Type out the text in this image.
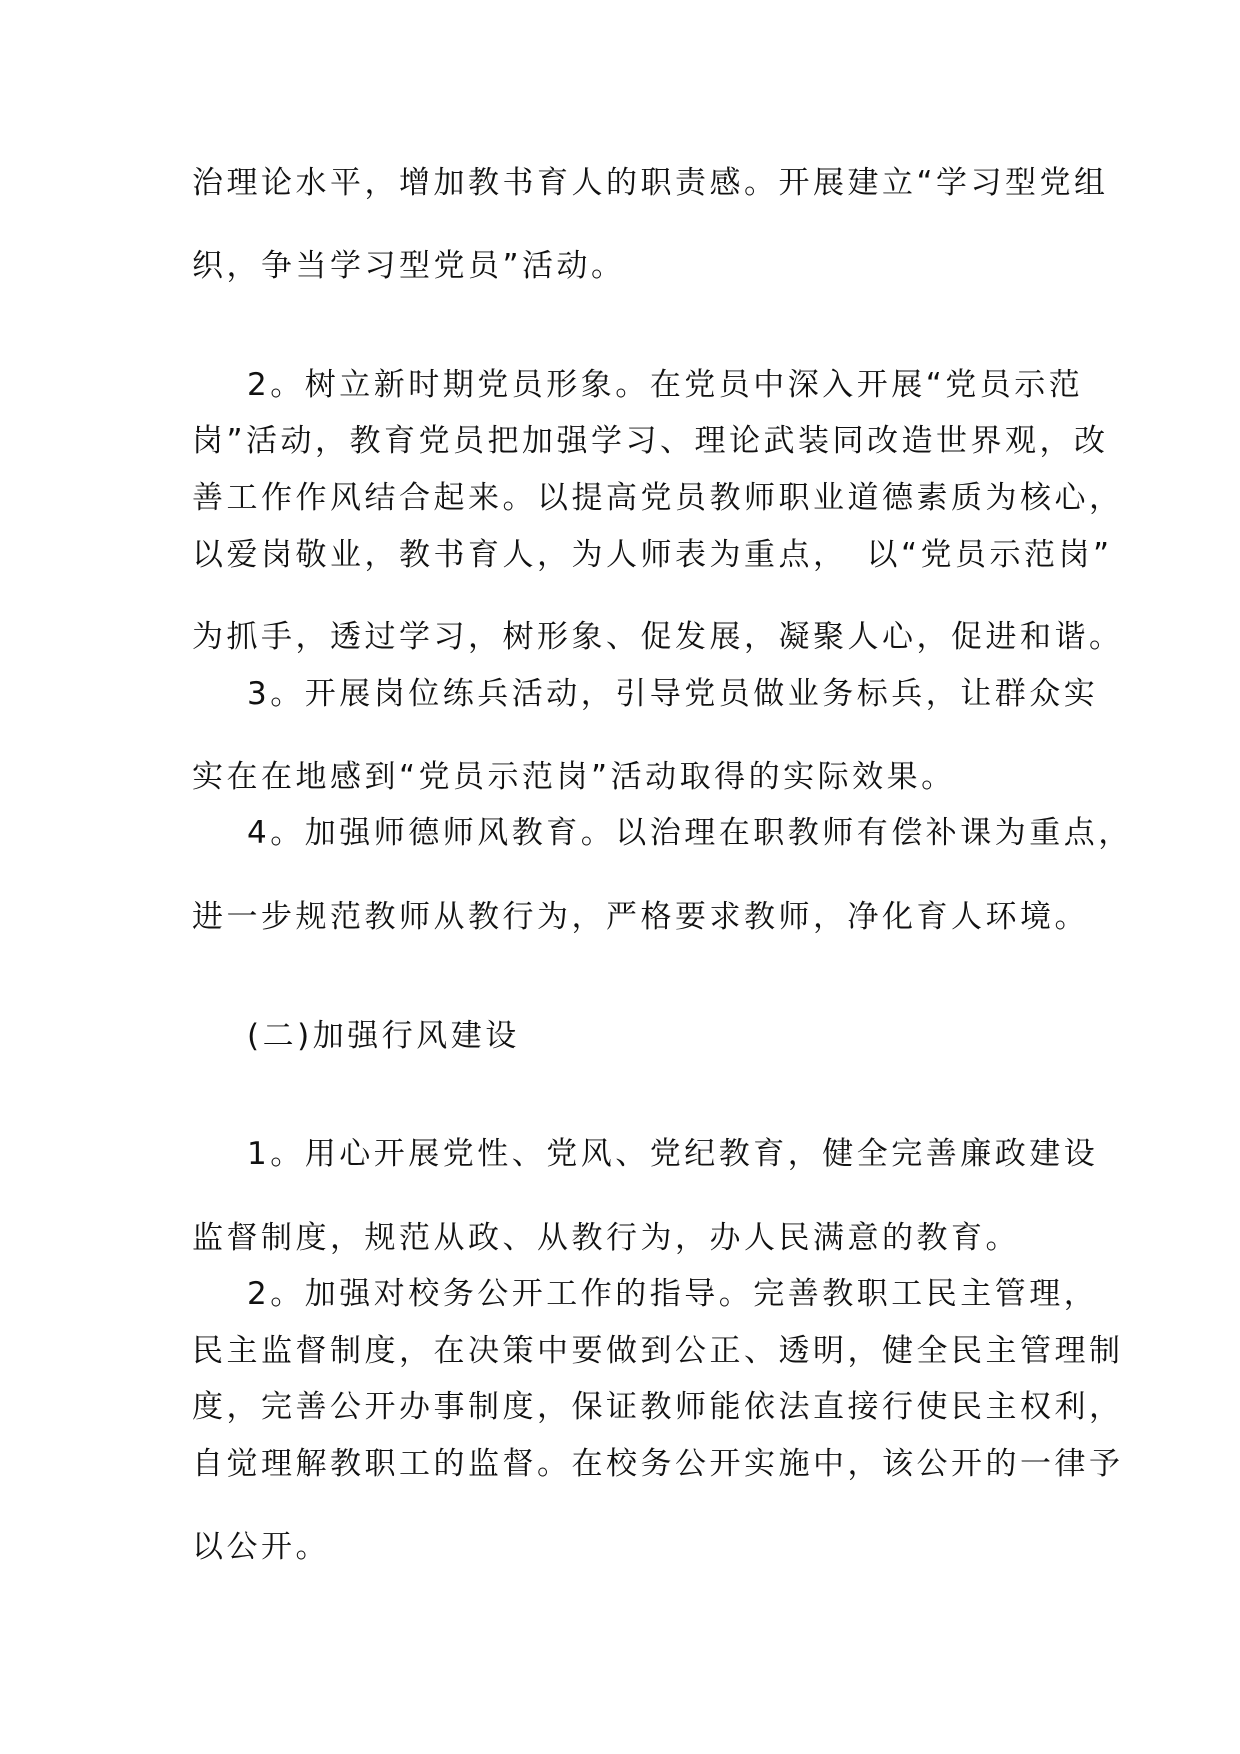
治理论水平，增加教书育人的职责感。开展建立“学习型党组
织，争当学习型党员”活动。
2。树立新时期党员形象。在党员中深入开展“党员示范
岗”活动，教育党员把加强学习、理论武装同改造世界观，改
善工作作风结合起来。以提高党员教师职业道德素质为核心，
以爱岗敬业，教书育人，为人师表为重点，　以“党员示范岗”
为抓手，透过学习，树形象、促发展，凝聚人心，促进和谐。
3。开展岗位练兵活动，引导党员做业务标兵，让群众实
实在在地感到“党员示范岗”活动取得的实际效果。
4。加强师德师风教育。以治理在职教师有偿补课为重点，
进一步规范教师从教行为，严格要求教师，净化育人环境。
(二)加强行风建设
1。用心开展党性、党风、党纪教育，健全完善廉政建设
监督制度，规范从政、从教行为，办人民满意的教育。
2。加强对校务公开工作的指导。完善教职工民主管理，
民主监督制度，在决策中要做到公正、透明，健全民主管理制
度，完善公开办事制度，保证教师能依法直接行使民主权利，
自觉理解教职工的监督。在校务公开实施中，该公开的一律予
以公开。
